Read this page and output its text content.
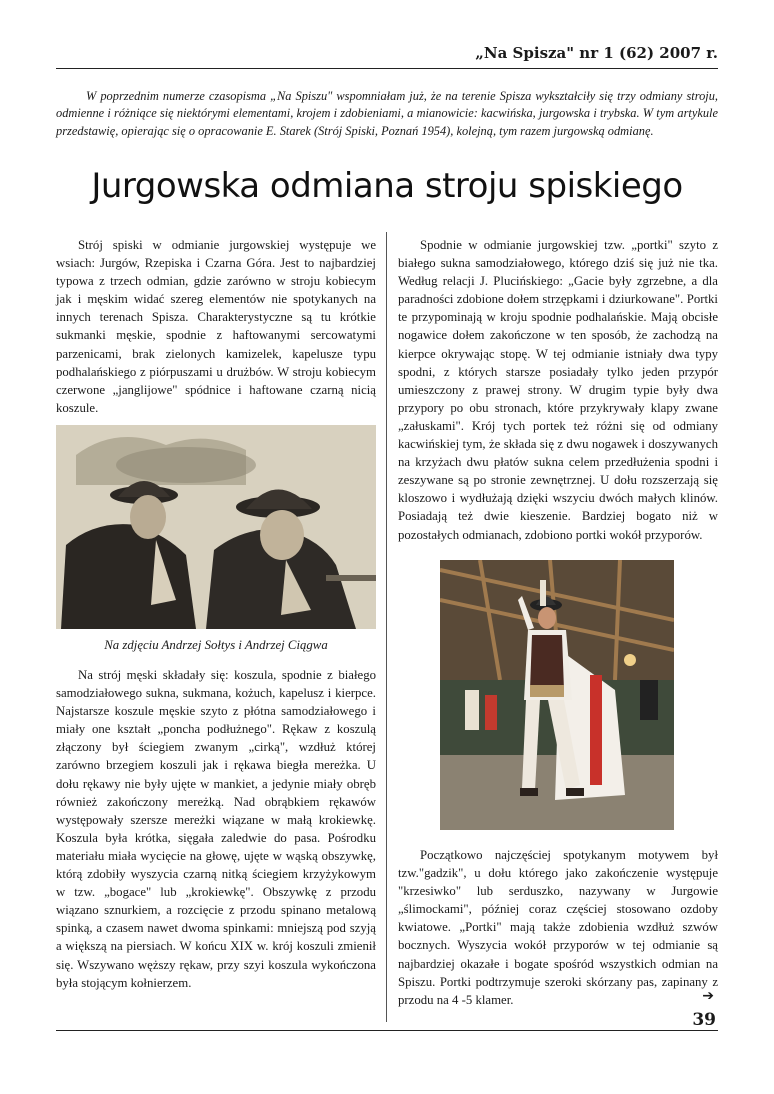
„Na Spisza" nr 1 (62) 2007 r.
W poprzednim numerze czasopisma „Na Spiszu" wspomniałam już, że na terenie Spisza wykształciły się trzy odmiany stroju, odmienne i różniące się niektórymi elementami, krojem i zdobieniami, a mianowicie: kacwińska, jurgowska i trybska. W tym artykule przedstawię, opierając się o opracowanie E. Starek (Strój Spiski, Poznań 1954), kolejną, tym razem jurgowską odmianę.
Jurgowska odmiana stroju spiskiego

Strój spiski w odmianie jurgowskiej występuje we wsiach: Jurgów, Rzepiska i Czarna Góra. Jest to najbardziej typowa z trzech odmian, gdzie zarówno w stroju kobiecym jak i męskim widać szereg elementów nie spotykanych na innych terenach Spisza. Charakterystyczne są tu krótkie sukmanki męskie, spodnie z haftowanymi sercowatymi parzenicami, brak zielonych kamizelek, kapelusze typu podhalańskiego z piórpuszami u drużbów. W stroju kobiecym czerwone „janglijowe" spódnice i haftowane czarną nicią koszule.

Na zdjęciu Andrzej Sołtys i Andrzej Ciągwa

Na strój męski składały się: koszula, spodnie z białego samodziałowego sukna, sukmana, kożuch, kapelusz i kierpce. Najstarsze koszule męskie szyto z płótna samodziałowego i miały one kształt „poncha podłużnego". Rękaw z koszulą złączony był ściegiem zwanym „cirką", wzdłuż której zarówno brzegiem koszuli jak i rękawa biegła mereżka. U dołu rękawy nie były ujęte w mankiet, a jedynie miały obręb również zakończony mereżką. Nad obrąbkiem rękawów występowały szersze mereżki wiązane w małą krokiewkę. Koszula była krótka, sięgała zaledwie do pasa. Pośrodku materiału miała wycięcie na głowę, ujęte w wąską obszywkę, którą zdobiły wyszycia czarną nitką ściegiem krzyżykowym w tzw. „bogace" lub „krokiewkę". Obszywkę z przodu wiązano sznurkiem, a rozcięcie z przodu spinano metalową spinką, a czasem nawet dwoma spinkami: mniejszą pod szyją a większą na piersiach. W końcu XIX w. krój koszuli zmienił się. Wszywano węższy rękaw, przy szyi koszula wykończona była stojącym kołnierzem.

Spodnie w odmianie jurgowskiej tzw. „portki" szyto z białego sukna samodziałowego, którego dziś się już nie tka. Według relacji J. Plucińskiego: „Gacie były zgrzebne, a dla paradności zdobione dołem strzępkami i dziurkowane". Portki te przypominają w kroju spodnie podhalańskie. Mają obcisłe nogawice dołem zakończone w ten sposób, że zachodzą na kierpce okrywając stopę. W tej odmianie istniały dwa typy spodni, z których starsze posiadały tylko jeden przypór umieszczony z prawej strony. W drugim typie były dwa przypory po obu stronach, które przykrywały klapy zwane „załuskami". Krój tych portek też różni się od odmiany kacwińskiej tym, że składa się z dwu nogawek i doszywanych na krzyżach dwu płatów sukna celem przedłużenia spodni i zeszywane są po stronie zewnętrznej. U dołu rozszerzają się kloszowo i wydłużają dzięki wszyciu dwóch małych klinów. Posiadają też dwie kieszenie. Bardziej bogato niż w pozostałych odmianach, zdobiono portki wokół przyporów.

Początkowo najczęściej spotykanym motywem był tzw."gadzik", u dołu którego jako zakończenie występuje "krzesiwko" lub serduszko, nazywany w Jurgowie „ślimockami", później coraz częściej stosowano ozdoby kwiatowe. „Portki" mają także zdobienia wzdłuż szwów bocznych. Wyszycia wokół przyporów w tej odmianie są najbardziej okazałe i bogate spośród wszystkich odmian na Spiszu. Portki podtrzymuje szeroki skórzany pas, zapinany z przodu na 4 -5 klamer.	➔
39
